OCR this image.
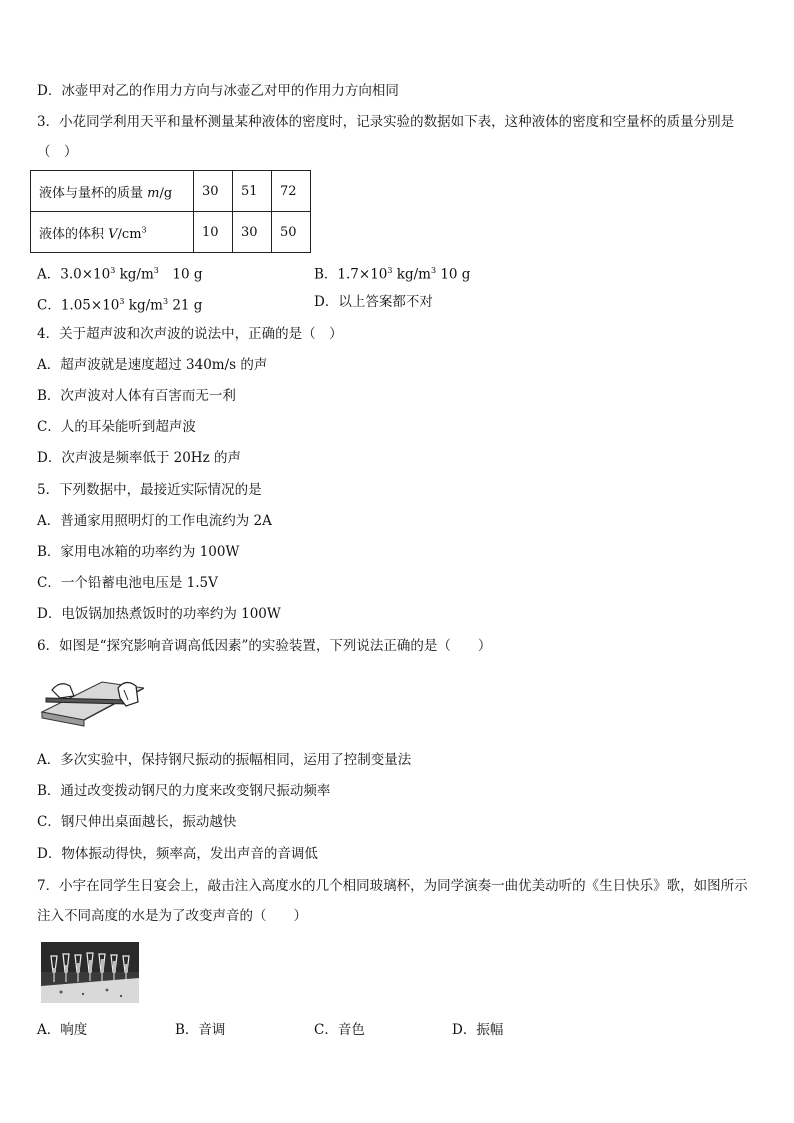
D．冰壶甲对乙的作用力方向与冰壶乙对甲的作用力方向相同
3．小花同学利用天平和量杯测量某种液体的密度时，记录实验的数据如下表，这种液体的密度和空量杯的质量分别是（　）
液体与量杯的质量 m/g	30	51	72
液体的体积 $V/cm^3$	10	30	50
A．$3.0\times 10^3$ $kg/m^3$　10 g	B．$1.7\times 10^3$ $kg/m^3$ 10 g
C．$1.05\times 10^3$ $kg/m^3$ 21 g	D．以上答案都不对
4．关于超声波和次声波的说法中，正确的是（　）
A．超声波就是速度超过 340m/s 的声
B．次声波对人体有百害而无一利
C．人的耳朵能听到超声波
D．次声波是频率低于 20Hz 的声
5．下列数据中，最接近实际情况的是
A．普通家用照明灯的工作电流约为 2A
B．家用电冰箱的功率约为 100W
C．一个铅蓄电池电压是 1.5V
D．电饭锅加热煮饭时的功率约为 100W
6．如图是“探究影响音调高低因素”的实验装置，下列说法正确的是（　　）
A．多次实验中，保持钢尺振动的振幅相同，运用了控制变量法
B．通过改变拨动钢尺的力度来改变钢尺振动频率
C．钢尺伸出桌面越长，振动越快
D．物体振动得快，频率高，发出声音的音调低
7．小宇在同学生日宴会上，敲击注入高度水的几个相同玻璃杯，为同学演奏一曲优美动听的《生日快乐》歌，如图所示注入不同高度的水是为了改变声音的（　　）
A．响度	B．音调	C．音色	D．振幅
